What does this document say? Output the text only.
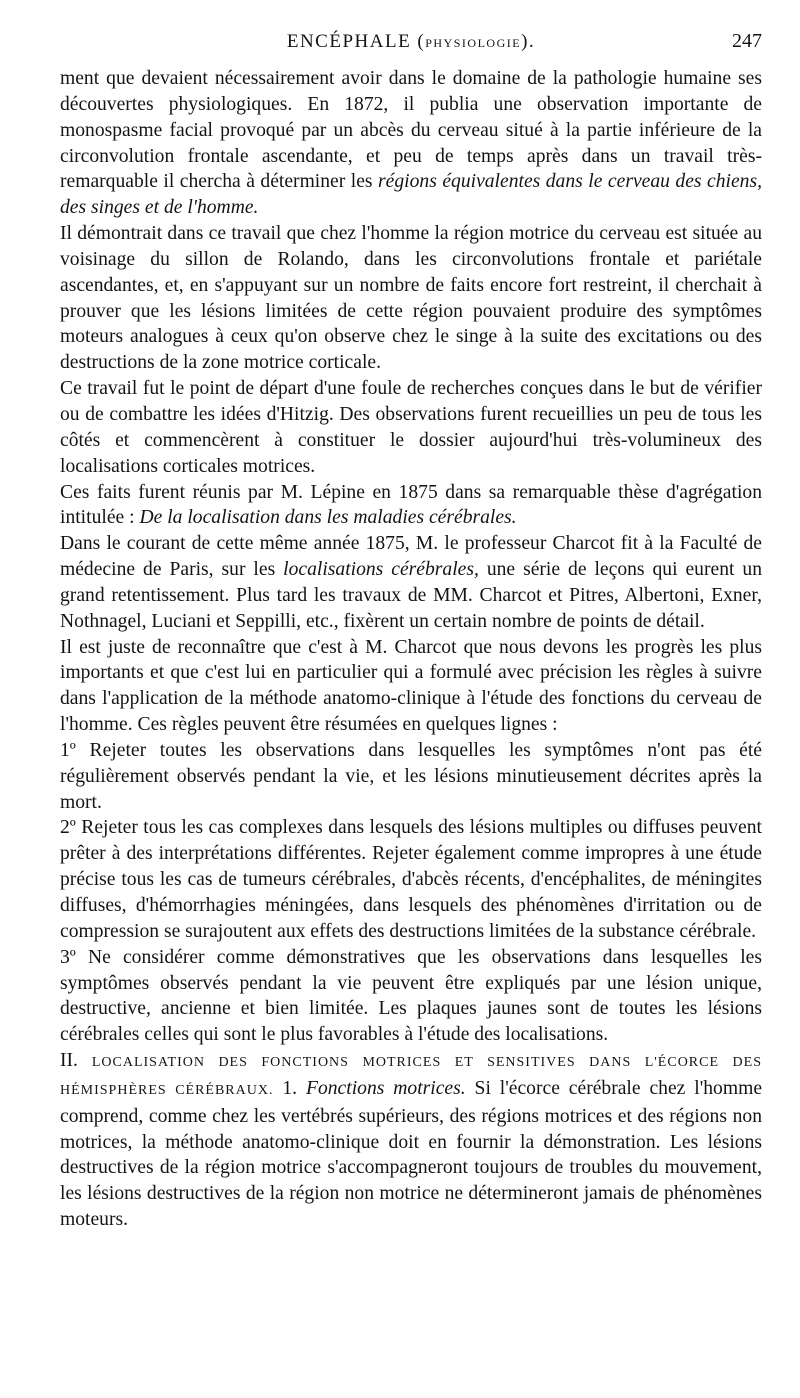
ENCÉPHALE (PHYSIOLOGIE).	247

ment que devaient nécessairement avoir dans le domaine de la pathologie humaine ses découvertes physiologiques. En 1872, il publia une observation importante de monospasme facial provoqué par un abcès du cerveau situé à la partie inférieure de la circonvolution frontale ascendante, et peu de temps après dans un travail très-remarquable il chercha à déterminer les régions équivalentes dans le cerveau des chiens, des singes et de l'homme.

Il démontrait dans ce travail que chez l'homme la région motrice du cerveau est située au voisinage du sillon de Rolando, dans les circonvolutions frontale et pariétale ascendantes, et, en s'appuyant sur un nombre de faits encore fort restreint, il cherchait à prouver que les lésions limitées de cette région pouvaient produire des symptômes moteurs analogues à ceux qu'on observe chez le singe à la suite des excitations ou des destructions de la zone motrice corticale.

Ce travail fut le point de départ d'une foule de recherches conçues dans le but de vérifier ou de combattre les idées d'Hitzig. Des observations furent recueillies un peu de tous les côtés et commencèrent à constituer le dossier aujourd'hui très-volumineux des localisations corticales motrices.

Ces faits furent réunis par M. Lépine en 1875 dans sa remarquable thèse d'agrégation intitulée : De la localisation dans les maladies cérébrales.

Dans le courant de cette même année 1875, M. le professeur Charcot fit à la Faculté de médecine de Paris, sur les localisations cérébrales, une série de leçons qui eurent un grand retentissement. Plus tard les travaux de MM. Charcot et Pitres, Albertoni, Exner, Nothnagel, Luciani et Seppilli, etc., fixèrent un certain nombre de points de détail.

Il est juste de reconnaître que c'est à M. Charcot que nous devons les progrès les plus importants et que c'est lui en particulier qui a formulé avec précision les règles à suivre dans l'application de la méthode anatomo-clinique à l'étude des fonctions du cerveau de l'homme. Ces règles peuvent être résumées en quelques lignes :

1º Rejeter toutes les observations dans lesquelles les symptômes n'ont pas été régulièrement observés pendant la vie, et les lésions minutieusement décrites après la mort.

2º Rejeter tous les cas complexes dans lesquels des lésions multiples ou diffuses peuvent prêter à des interprétations différentes. Rejeter également comme impropres à une étude précise tous les cas de tumeurs cérébrales, d'abcès récents, d'encéphalites, de méningites diffuses, d'hémorrhagies méningées, dans lesquels des phénomènes d'irritation ou de compression se surajoutent aux effets des destructions limitées de la substance cérébrale.

3º Ne considérer comme démonstratives que les observations dans lesquelles les symptômes observés pendant la vie peuvent être expliqués par une lésion unique, destructive, ancienne et bien limitée. Les plaques jaunes sont de toutes les lésions cérébrales celles qui sont le plus favorables à l'étude des localisations.

II. LOCALISATION DES FONCTIONS MOTRICES ET SENSITIVES DANS L'ÉCORCE DES HÉMISPHÈRES CÉRÉBRAUX. 1. Fonctions motrices. Si l'écorce cérébrale chez l'homme comprend, comme chez les vertébrés supérieurs, des régions motrices et des régions non motrices, la méthode anatomo-clinique doit en fournir la démonstration. Les lésions destructives de la région motrice s'accompagneront toujours de troubles du mouvement, les lésions destructives de la région non motrice ne détermineront jamais de phénomènes moteurs.
